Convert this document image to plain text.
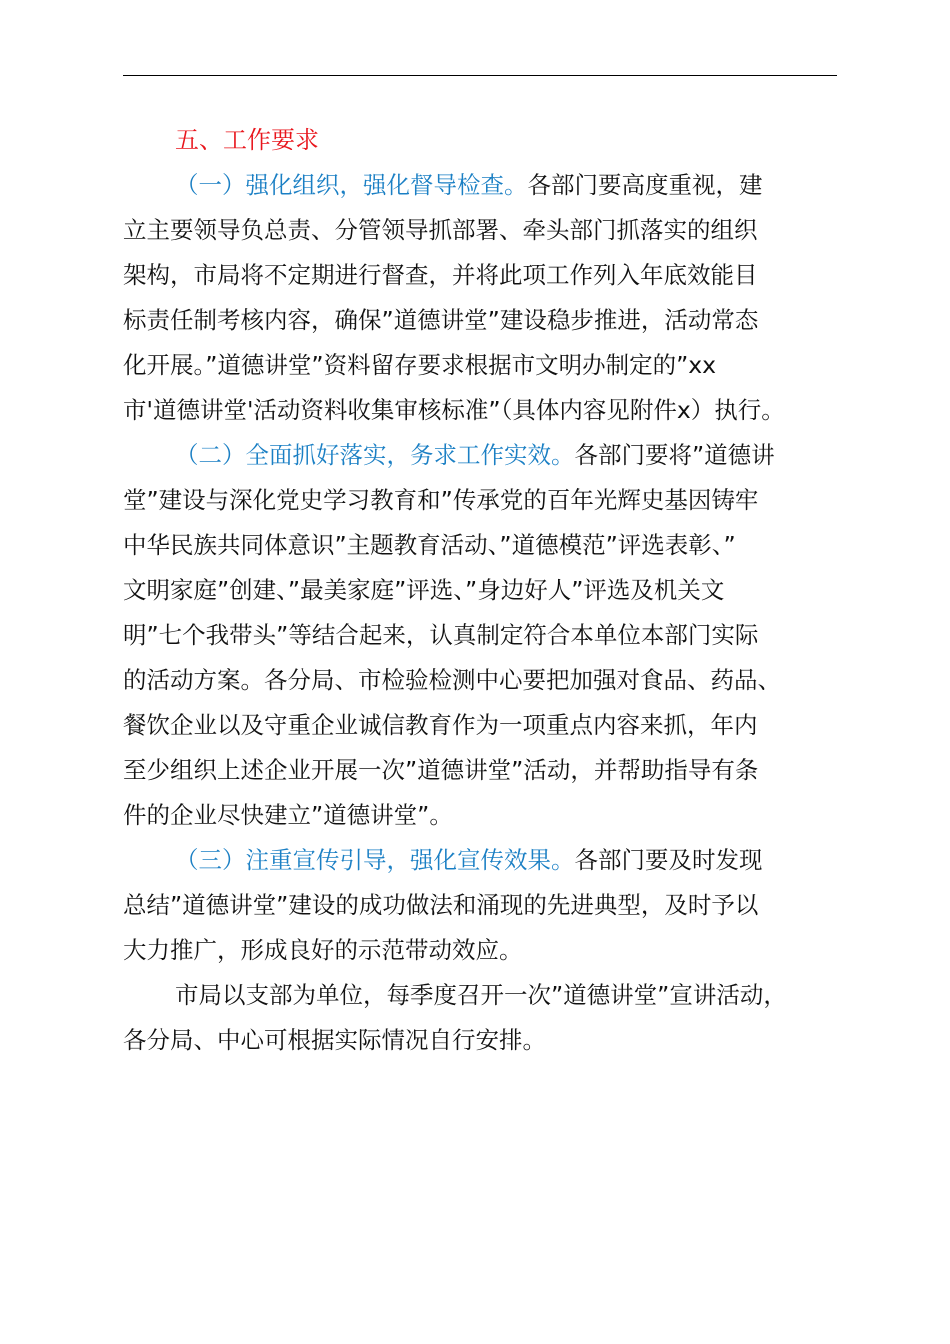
五、工作要求
（一）强化组织，强化督导检查。各部门要高度重视，建
立主要领导负总责、分管领导抓部署、牵头部门抓落实的组织
架构，市局将不定期进行督查，并将此项工作列入年底效能目
标责任制考核内容，确保”道德讲堂”建设稳步推进，活动常态
化开展。”道德讲堂”资料留存要求根据市文明办制定的”xx
市'道德讲堂'活动资料收集审核标准”（具体内容见附件x）执行。
（二）全面抓好落实，务求工作实效。各部门要将”道德讲
堂”建设与深化党史学习教育和”传承党的百年光辉史基因铸牢
中华民族共同体意识”主题教育活动、”道德模范”评选表彰、”
文明家庭”创建、”最美家庭”评选、”身边好人”评选及机关文
明”七个我带头”等结合起来，认真制定符合本单位本部门实际
的活动方案。各分局、市检验检测中心要把加强对食品、药品、
餐饮企业以及守重企业诚信教育作为一项重点内容来抓，年内
至少组织上述企业开展一次”道德讲堂”活动，并帮助指导有条
件的企业尽快建立”道德讲堂”。
（三）注重宣传引导，强化宣传效果。各部门要及时发现
总结”道德讲堂”建设的成功做法和涌现的先进典型，及时予以
大力推广，形成良好的示范带动效应。
市局以支部为单位，每季度召开一次”道德讲堂”宣讲活动，
各分局、中心可根据实际情况自行安排。
